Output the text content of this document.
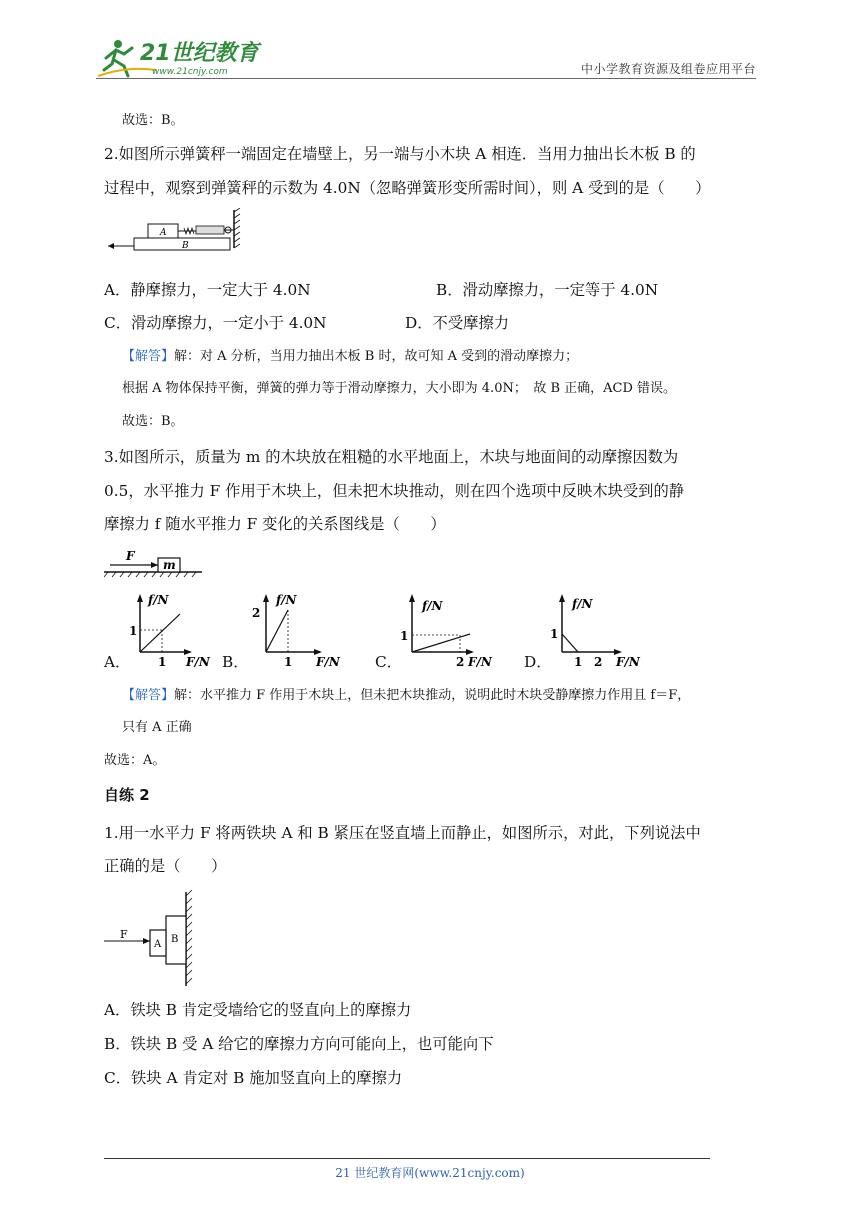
21世纪教育
www.21cnjy.com	中小学教育资源及组卷应用平台
故选：B。
2.如图所示弹簧秤一端固定在墙壁上，另一端与小木块 A 相连．当用力抽出长木板 B 的
过程中，观察到弹簧秤的示数为 4.0N（忽略弹簧形变所需时间），则 A 受到的是（　　）
A
B
A．静摩擦力，一定大于 4.0N	B．滑动摩擦力，一定等于 4.0N
C．滑动摩擦力，一定小于 4.0N	D．不受摩擦力
【解答】解：对 A 分析，当用力抽出木板 B 时，故可知 A 受到的滑动摩擦力；
根据 A 物体保持平衡，弹簧的弹力等于滑动摩擦力，大小即为 4.0N；　故 B 正确，ACD 错误。
故选：B。
3.如图所示，质量为 m 的木块放在粗糙的水平地面上，木块与地面间的动摩擦因数为
0.5，水平推力 F 作用于木块上，但未把木块推动，则在四个选项中反映木块受到的静
摩擦力 f 随水平推力 F 变化的关系图线是（　　）
F
m
A．
f/N
F/N
1
1	B．
f/N
F/N
2
1	C．
f/N
F/N
1
2	D．
f/N
F/N
1
1 2
【解答】解：水平推力 F 作用于木块上，但未把木块推动，说明此时木块受静摩擦力作用且 f＝F，
只有 A 正确
故选：A。
自练 2
1.用一水平力 F 将两铁块 A 和 B 紧压在竖直墙上而静止，如图所示，对此，下列说法中
正确的是（　　）
F
A B
A．铁块 B 肯定受墙给它的竖直向上的摩擦力
B．铁块 B 受 A 给它的摩擦力方向可能向上，也可能向下
C．铁块 A 肯定对 B 施加竖直向上的摩擦力
21 世纪教育网(www.21cnjy.com)
